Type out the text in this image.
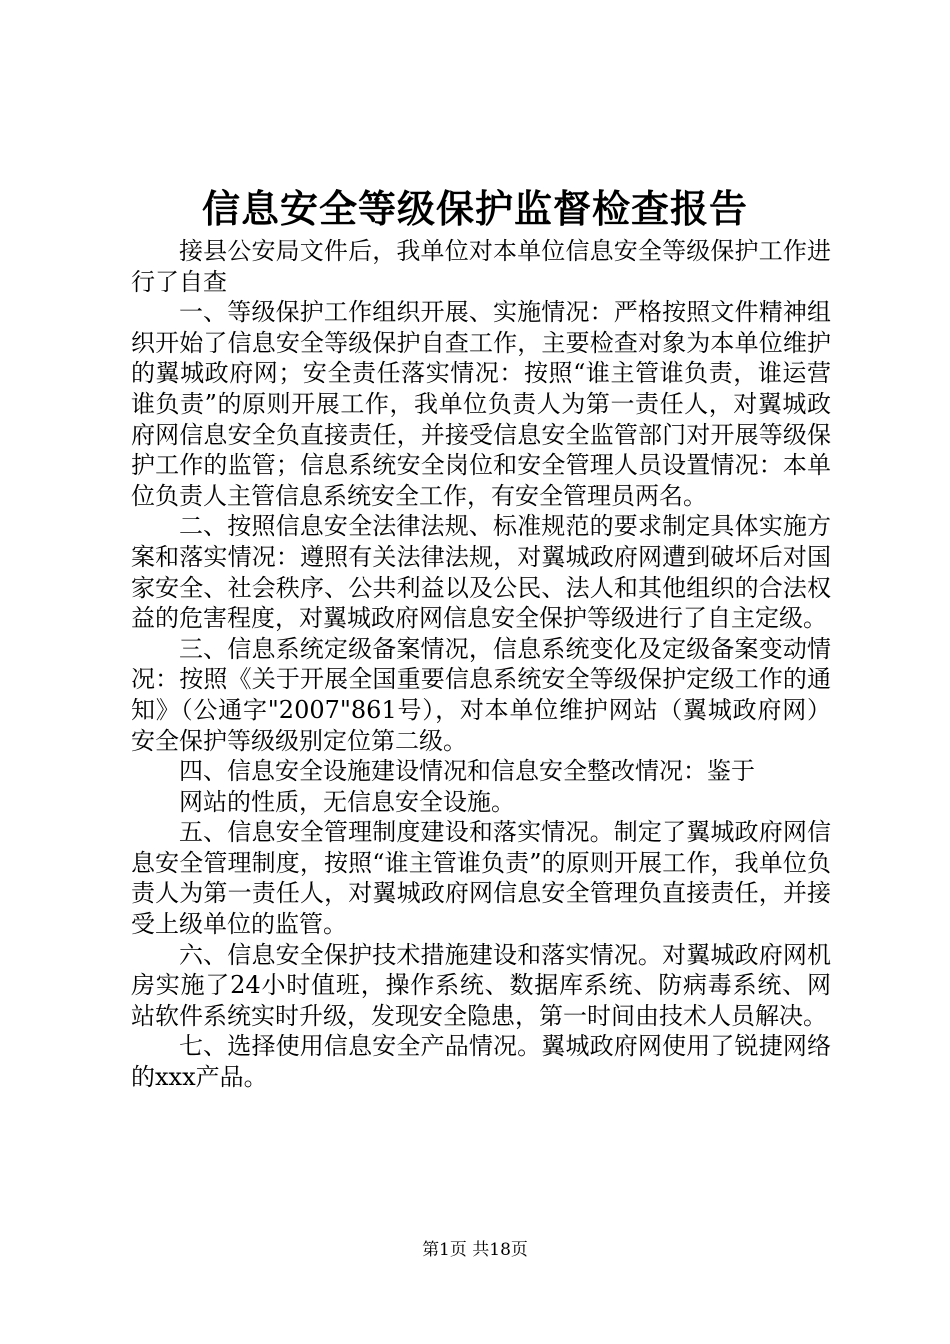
信息安全等级保护监督检查报告

接县公安局文件后，我单位对本单位信息安全等级保护工作进行了自查

一、等级保护工作组织开展、实施情况：严格按照文件精神组织开始了信息安全等级保护自查工作，主要检查对象为本单位维护的翼城政府网；安全责任落实情况：按照“谁主管谁负责，谁运营谁负责”的原则开展工作，我单位负责人为第一责任人，对翼城政府网信息安全负直接责任，并接受信息安全监管部门对开展等级保护工作的监管；信息系统安全岗位和安全管理人员设置情况：本单位负责人主管信息系统安全工作，有安全管理员两名。

二、按照信息安全法律法规、标准规范的要求制定具体实施方案和落实情况：遵照有关法律法规，对翼城政府网遭到破坏后对国家安全、社会秩序、公共利益以及公民、法人和其他组织的合法权益的危害程度，对翼城政府网信息安全保护等级进行了自主定级。

三、信息系统定级备案情况，信息系统变化及定级备案变动情况：按照《关于开展全国重要信息系统安全等级保护定级工作的通知》（公通字"2007"861号），对本单位维护网站（翼城政府网）安全保护等级级别定位第二级。

四、信息安全设施建设情况和信息安全整改情况：鉴于

网站的性质，无信息安全设施。

五、信息安全管理制度建设和落实情况。制定了翼城政府网信息安全管理制度，按照“谁主管谁负责”的原则开展工作，我单位负责人为第一责任人，对翼城政府网信息安全管理负直接责任，并接受上级单位的监管。

六、信息安全保护技术措施建设和落实情况。对翼城政府网机房实施了24小时值班，操作系统、数据库系统、防病毒系统、网站软件系统实时升级，发现安全隐患，第一时间由技术人员解决。

七、选择使用信息安全产品情况。翼城政府网使用了锐捷网络的xxx产品。

第1页 共18页
